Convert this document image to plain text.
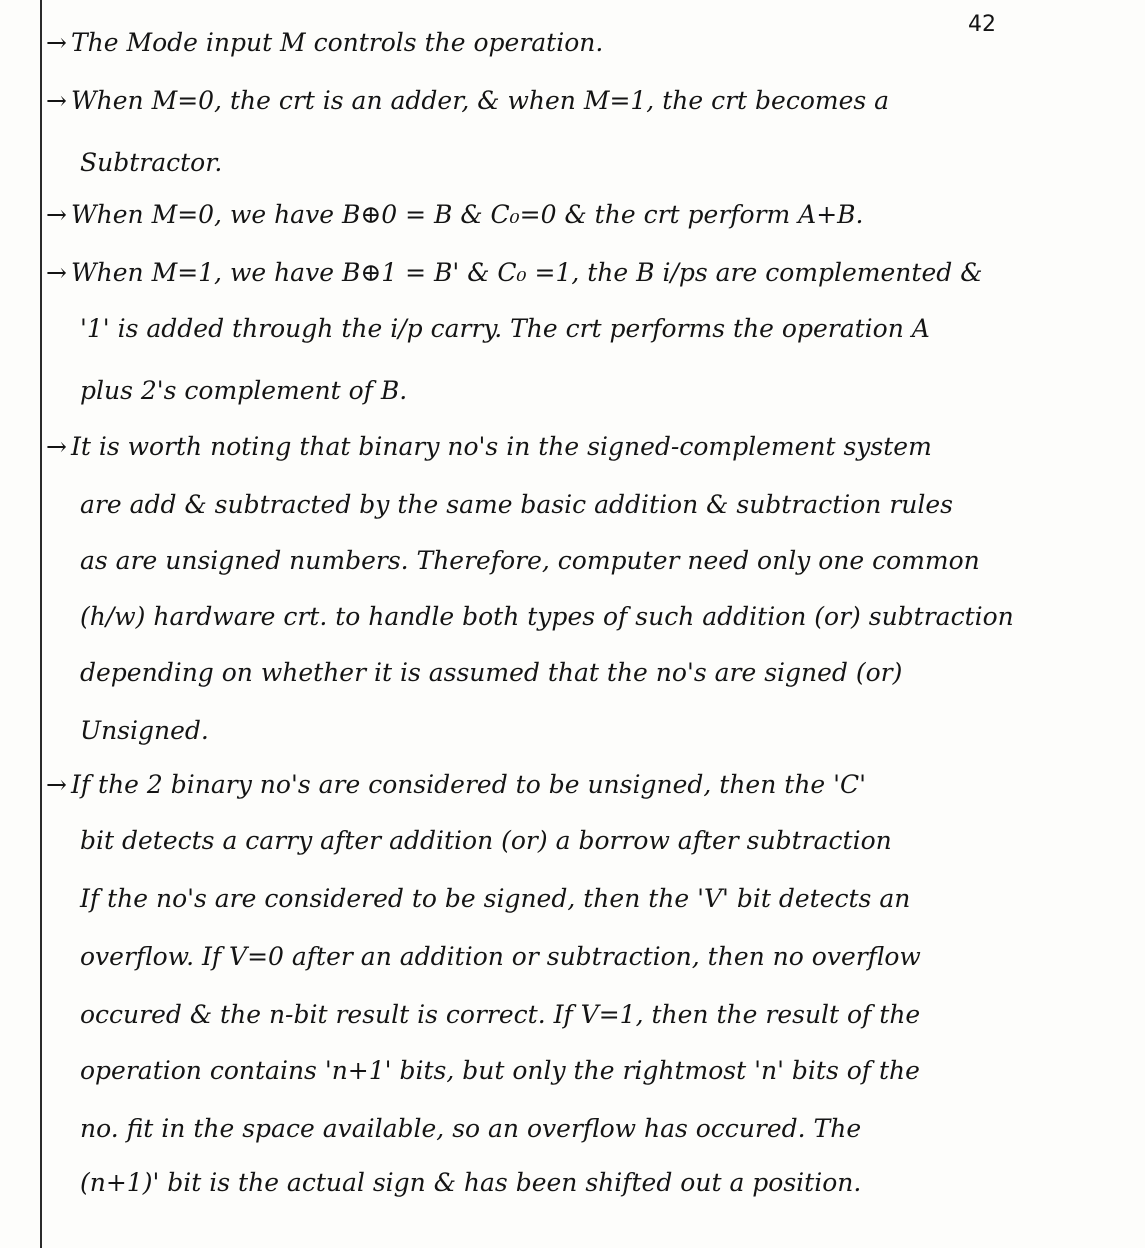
42
→ The Mode input M controls the operation.
→ When M=0, the crt is an adder, & when M=1, the crt becomes a
Subtractor.
→ When M=0, we have B⊕0 = B & C₀=0 & the crt perform A+B.
→ When M=1, we have B⊕1 = B' & C₀ =1, the B i/ps are complemented &
'1' is added through the i/p carry. The crt performs the operation A
plus 2's complement of B.
→ It is worth noting that binary no's in the signed-complement system
are add & subtracted by the same basic addition & subtraction rules
as are unsigned numbers. Therefore, computer need only one common
(h/w) hardware crt. to handle both types of such addition (or) subtraction
depending on whether it is assumed that the no's are signed (or)
Unsigned.
→ If the 2 binary no's are considered to be unsigned, then the 'C'
bit detects a carry after addition (or) a borrow after subtraction
If the no's are considered to be signed, then the 'V' bit detects an
overflow. If V=0 after an addition or subtraction, then no overflow
occured & the n-bit result is correct. If V=1, then the result of the
operation contains 'n+1' bits, but only the rightmost 'n' bits of the
no. fit in the space available, so an overflow has occured. The
(n+1)' bit is the actual sign & has been shifted out a position.
